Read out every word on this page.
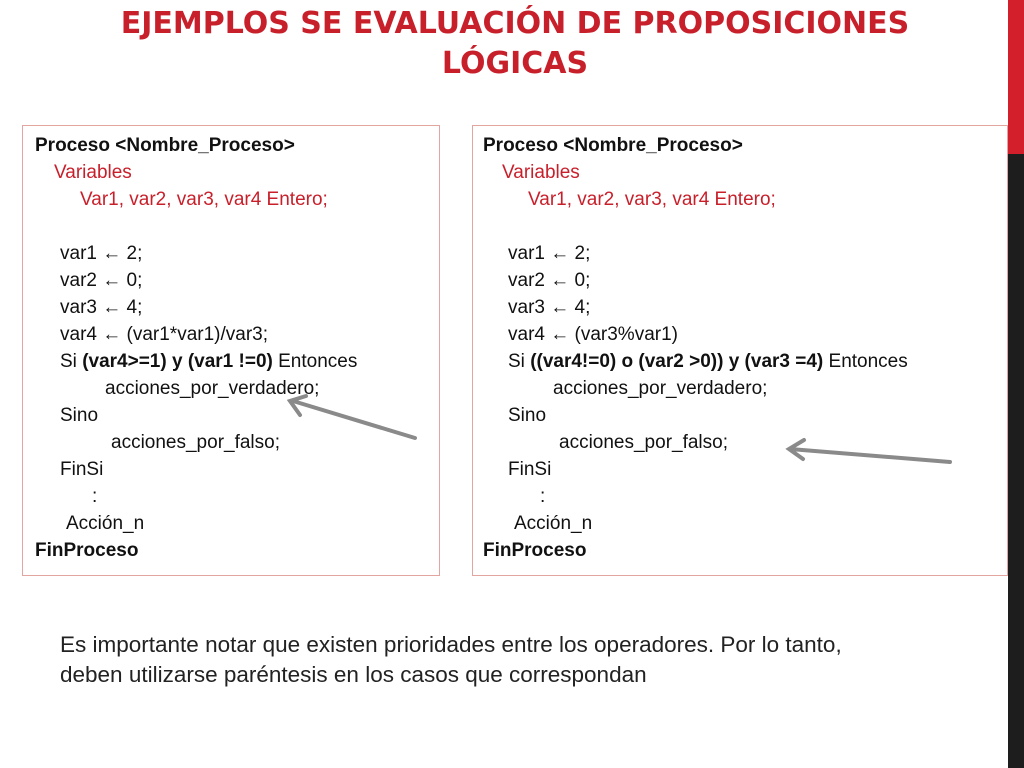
EJEMPLOS SE EVALUACIÓN DE PROPOSICIONES
LÓGICAS
Proceso <Nombre_Proceso>
Variables
Var1, var2, var3, var4 Entero;
var1 ← 2;
var2 ← 0;
var3 ← 4;
var4 ← (var1*var1)/var3;
Si (var4>=1) y (var1 !=0) Entonces
acciones_por_verdadero;
Sino
acciones_por_falso;
FinSi
:
Acción_n
FinProceso
Proceso <Nombre_Proceso>
Variables
Var1, var2, var3, var4 Entero;
var1 ← 2;
var2 ← 0;
var3 ← 4;
var4 ← (var3%var1)
Si ((var4!=0) o (var2 >0)) y (var3 =4) Entonces
acciones_por_verdadero;
Sino
acciones_por_falso;
FinSi
:
Acción_n
FinProceso
Es importante notar que existen prioridades entre los operadores. Por lo tanto,
deben utilizarse paréntesis en los casos que correspondan
